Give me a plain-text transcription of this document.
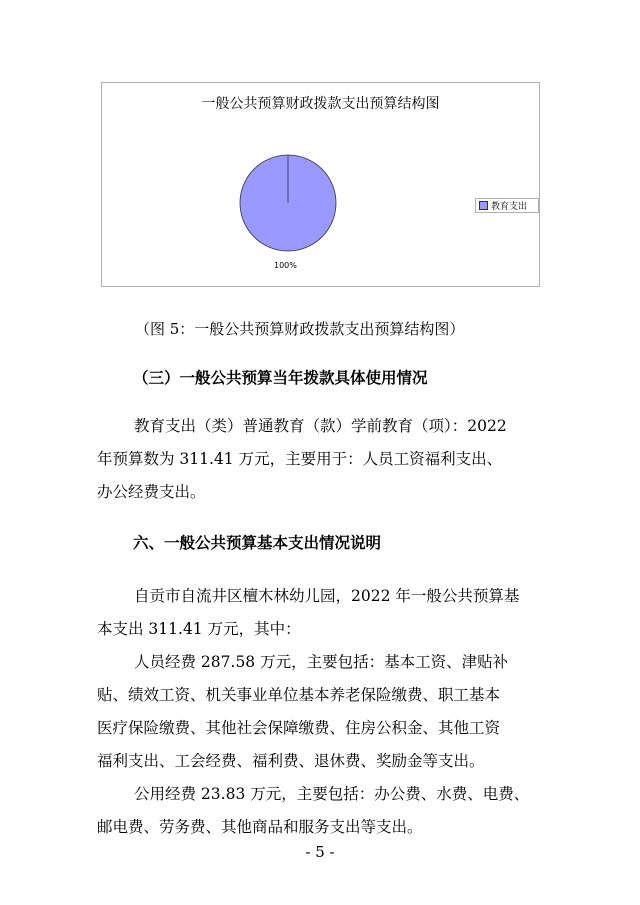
一般公共预算财政拨款支出预算结构图
100%
教育支出
（图 5：一般公共预算财政拨款支出预算结构图）
（三）一般公共预算当年拨款具体使用情况
教育支出（类）普通教育（款）学前教育（项）：2022
年预算数为 311.41 万元，主要用于：人员工资福利支出、
办公经费支出。
六、一般公共预算基本支出情况说明
自贡市自流井区檀木林幼儿园，2022 年一般公共预算基
本支出 311.41 万元，其中：
人员经费 287.58 万元，主要包括：基本工资、津贴补
贴、绩效工资、机关事业单位基本养老保险缴费、职工基本
医疗保险缴费、其他社会保障缴费、住房公积金、其他工资
福利支出、工会经费、福利费、退休费、奖励金等支出。
公用经费 23.83 万元，主要包括：办公费、水费、电费、
邮电费、劳务费、其他商品和服务支出等支出。
- 5 -
